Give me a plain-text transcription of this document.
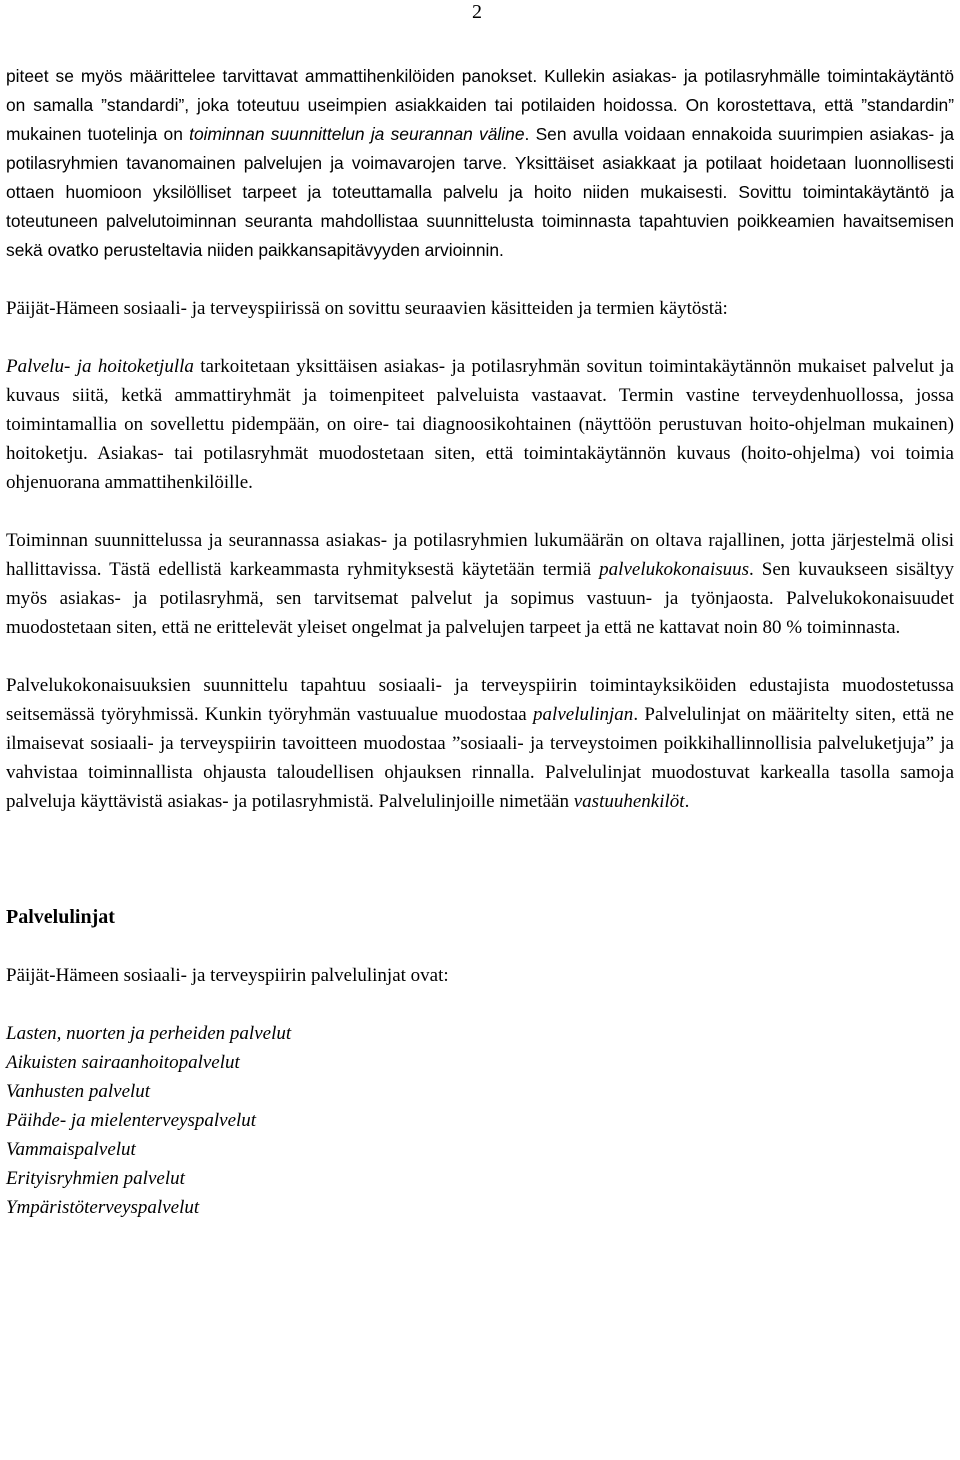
2

piteet se myös määrittelee tarvittavat ammattihenkilöiden panokset. Kullekin asiakas- ja potilasryhmälle toimintakäytäntö on samalla ”standardi”, joka toteutuu useimpien asiakkaiden tai potilaiden hoidossa. On korostettava, että ”standardin” mukainen tuotelinja on toiminnan suunnittelun ja seurannan väline. Sen avulla voidaan ennakoida suurimpien asiakas- ja potilasryhmien tavanomainen palvelujen ja voimavarojen tarve. Yksittäiset asiakkaat ja potilaat hoidetaan luonnollisesti ottaen huomioon yksilölliset tarpeet ja toteuttamalla palvelu ja hoito niiden mukaisesti. Sovittu toimintakäytäntö ja toteutuneen palvelutoiminnan seuranta mahdollistaa suunnittelusta toiminnasta tapahtuvien poikkeamien havaitsemisen sekä ovatko perusteltavia niiden paikkansapitävyyden arvioinnin.

Päijät-Hämeen sosiaali- ja terveyspiirissä on sovittu seuraavien käsitteiden ja termien käytöstä:

Palvelu- ja hoitoketjulla tarkoitetaan yksittäisen asiakas- ja potilasryhmän sovitun toimintakäytännön mukaiset palvelut ja kuvaus siitä, ketkä ammattiryhmät ja toimenpiteet palveluista vastaavat. Termin vastine terveydenhuollossa, jossa toimintamallia on sovellettu pidempään, on oire- tai diagnoosikohtainen (näyttöön perustuvan hoito-ohjelman mukainen) hoitoketju. Asiakas- tai potilasryhmät muodostetaan siten, että toimintakäytännön kuvaus (hoito-ohjelma) voi toimia ohjenuorana ammattihenkilöille.

Toiminnan suunnittelussa ja seurannassa asiakas- ja potilasryhmien lukumäärän on oltava rajallinen, jotta järjestelmä olisi hallittavissa. Tästä edellistä karkeammasta ryhmityksestä käytetään termiä palvelukokonaisuus. Sen kuvaukseen sisältyy myös asiakas- ja potilasryhmä, sen tarvitsemat palvelut ja sopimus vastuun- ja työnjaosta. Palvelukokonaisuudet muodostetaan siten, että ne erittelevät yleiset ongelmat ja palvelujen tarpeet ja että ne kattavat noin 80 % toiminnasta.

Palvelukokonaisuuksien suunnittelu tapahtuu sosiaali- ja terveyspiirin toimintayksiköiden edustajista muodostetussa seitsemässä työryhmissä. Kunkin työryhmän vastuualue muodostaa palvelulinjan. Palvelulinjat on määritelty siten, että ne ilmaisevat sosiaali- ja terveyspiirin tavoitteen muodostaa ”sosiaali- ja terveystoimen poikkihallinnollisia palveluketjuja” ja vahvistaa toiminnallista ohjausta taloudellisen ohjauksen rinnalla. Palvelulinjat muodostuvat karkealla tasolla samoja palveluja käyttävistä asiakas- ja potilasryhmistä. Palvelulinjoille nimetään vastuuhenkilöt.

Palvelulinjat

Päijät-Hämeen sosiaali- ja terveyspiirin palvelulinjat ovat:

Lasten, nuorten ja perheiden palvelut
Aikuisten sairaanhoitopalvelut
Vanhusten palvelut
Päihde- ja mielenterveyspalvelut
Vammaispalvelut
Erityisryhmien palvelut
Ympäristöterveyspalvelut
